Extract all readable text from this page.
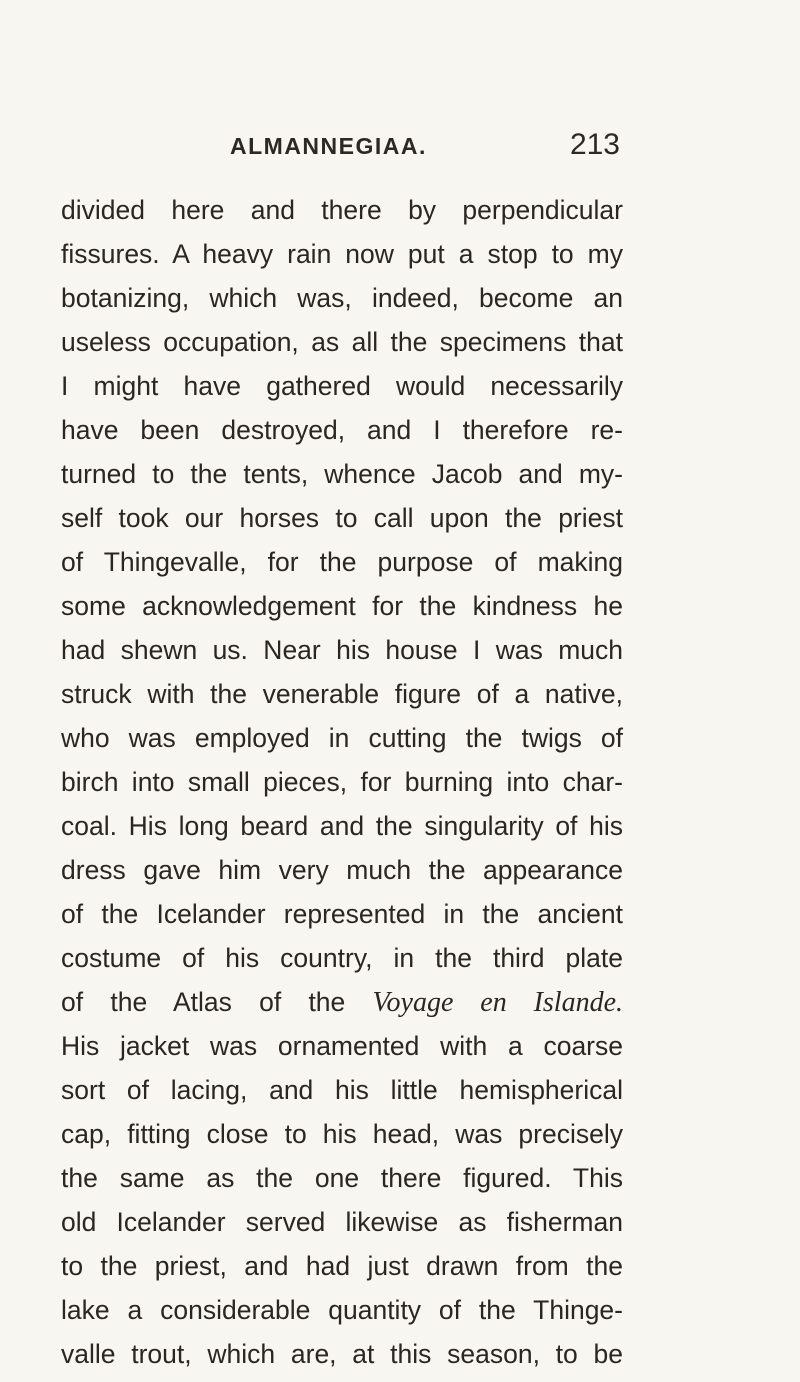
ALMANNEGIAA.	213
divided here and there by perpendicular
fissures. A heavy rain now put a stop to my
botanizing, which was, indeed, become an
useless occupation, as all the specimens that
I might have gathered would necessarily
have been destroyed, and I therefore re-
turned to the tents, whence Jacob and my-
self took our horses to call upon the priest
of Thingevalle, for the purpose of making
some acknowledgement for the kindness he
had shewn us. Near his house I was much
struck with the venerable figure of a native,
who was employed in cutting the twigs of
birch into small pieces, for burning into char-
coal. His long beard and the singularity of his
dress gave him very much the appearance
of the Icelander represented in the ancient
costume of his country, in the third plate
of the Atlas of the Voyage en Islande.
His jacket was ornamented with a coarse
sort of lacing, and his little hemispherical
cap, fitting close to his head, was precisely
the same as the one there figured. This
old Icelander served likewise as fisherman
to the priest, and had just drawn from the
lake a considerable quantity of the Thinge-
valle trout, which are, at this season, to be
